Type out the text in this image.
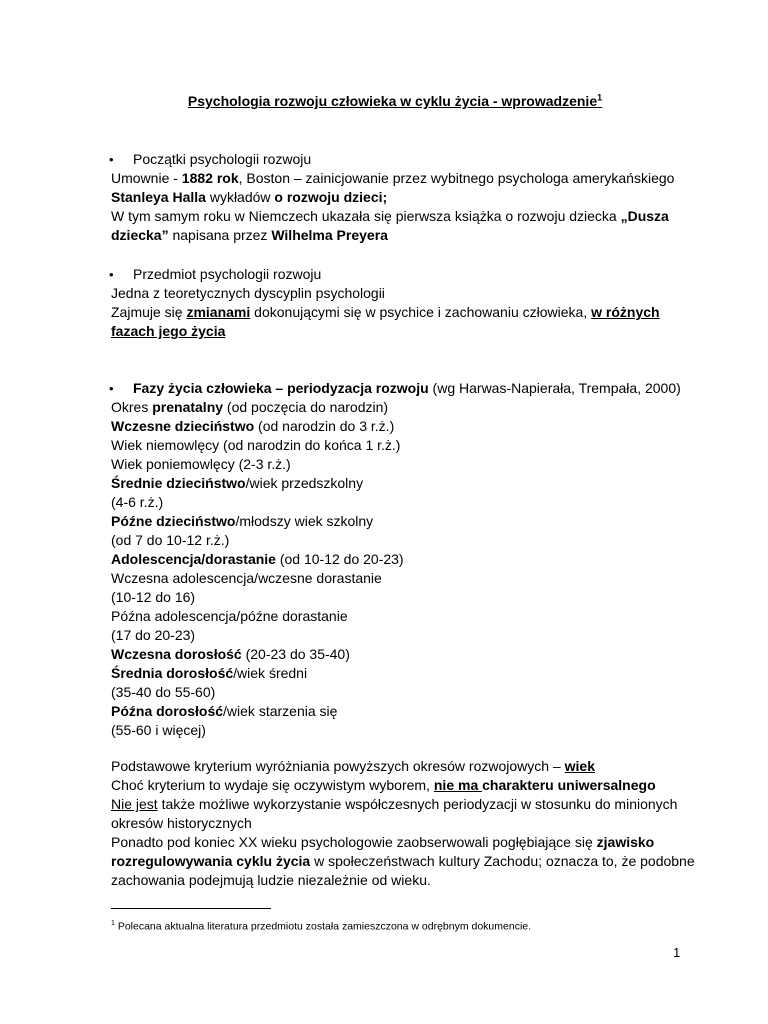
Psychologia rozwoju człowieka w cyklu życia - wprowadzenie$^1$
• Początki psychologii rozwoju
Umownie - 1882 rok, Boston – zainicjowanie przez wybitnego psychologa amerykańskiego
Stanleya Halla wykładów o rozwoju dzieci;
W tym samym roku w Niemczech ukazała się pierwsza książka o rozwoju dziecka „Dusza
dziecka” napisana przez Wilhelma Preyera
• Przedmiot psychologii rozwoju
Jedna z teoretycznych dyscyplin psychologii
Zajmuje się zmianami dokonującymi się w psychice i zachowaniu człowieka, w różnych
fazach jego życia
• Fazy życia człowieka – periodyzacja rozwoju (wg Harwas-Napierała, Trempała, 2000)
Okres prenatalny (od poczęcia do narodzin)
Wczesne dzieciństwo (od narodzin do 3 r.ż.)
Wiek niemowlęcy (od narodzin do końca 1 r.ż.)
Wiek poniemowlęcy (2-3 r.ż.)
Średnie dzieciństwo/wiek przedszkolny
(4-6 r.ż.)
Późne dzieciństwo/młodszy wiek szkolny
(od 7 do 10-12 r.ż.)
Adolescencja/dorastanie (od 10-12 do 20-23)
Wczesna adolescencja/wczesne dorastanie
(10-12 do 16)
Późna adolescencja/późne dorastanie
(17 do 20-23)
Wczesna dorosłość (20-23 do 35-40)
Średnia dorosłość/wiek średni
(35-40 do 55-60)
Późna dorosłość/wiek starzenia się
(55-60 i więcej)
Podstawowe kryterium wyróżniania powyższych okresów rozwojowych – wiek
Choć kryterium to wydaje się oczywistym wyborem, nie ma charakteru uniwersalnego
Nie jest także możliwe wykorzystanie współczesnych periodyzacji w stosunku do minionych
okresów historycznych
Ponadto pod koniec XX wieku psychologowie zaobserwowali pogłębiające się zjawisko
rozregulowywania cyklu życia w społeczeństwach kultury Zachodu; oznacza to, że podobne
zachowania podejmują ludzie niezależnie od wieku.
$^1$ Polecana aktualna literatura przedmiotu została zamieszczona w odrębnym dokumencie.
1
